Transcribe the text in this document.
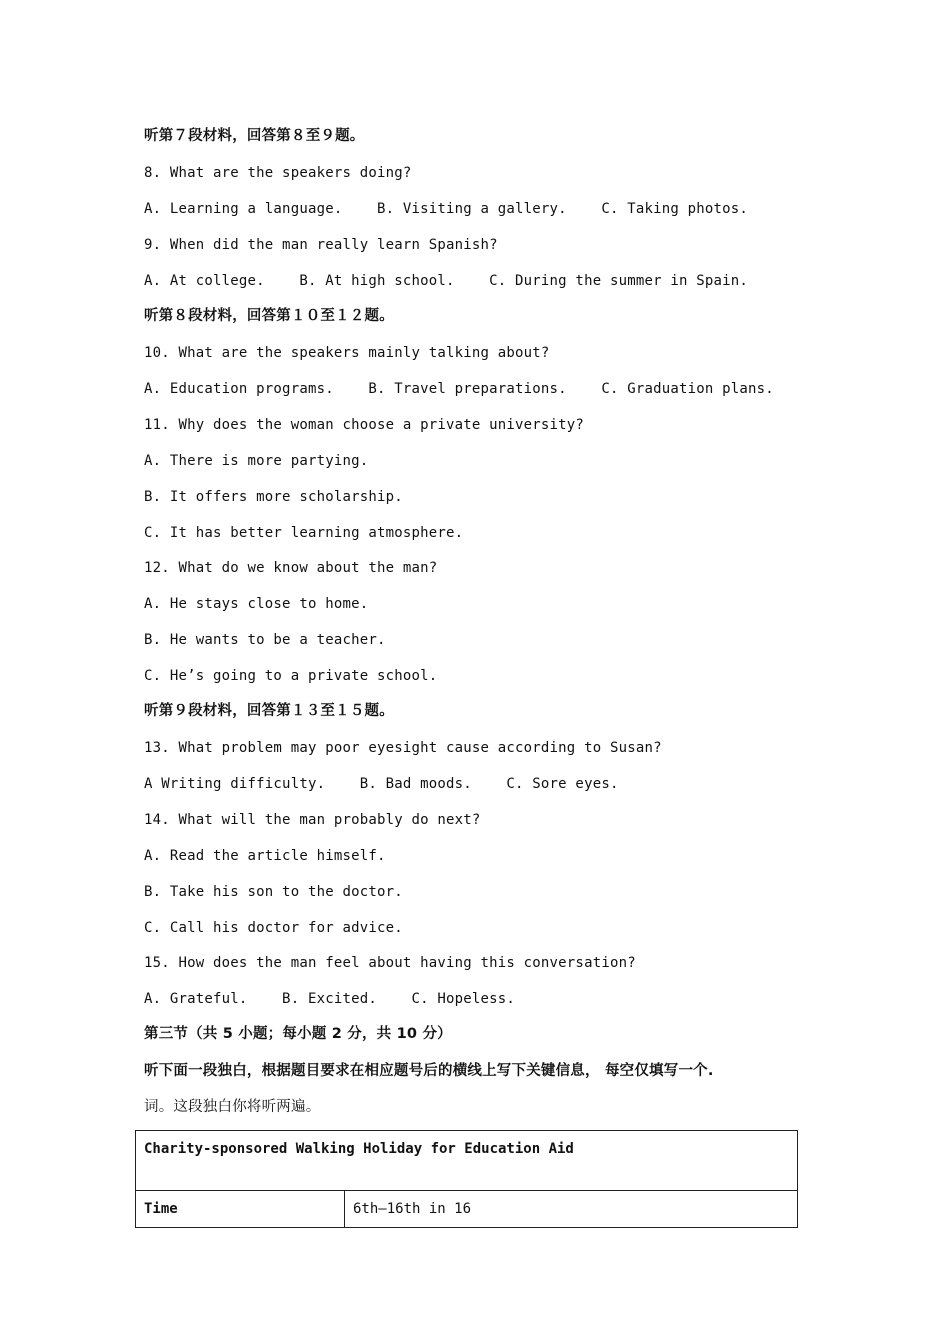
听第７段材料，回答第８至９题。
8. What are the speakers doing?
A. Learning a language.    B. Visiting a gallery.    C. Taking photos.
9. When did the man really learn Spanish?
A. At college.    B. At high school.    C. During the summer in Spain.
听第８段材料，回答第１０至１２题。
10. What are the speakers mainly talking about?
A. Education programs.    B. Travel preparations.    C. Graduation plans.
11. Why does the woman choose a private university?
A. There is more partying.
B. It offers more scholarship.
C. It has better learning atmosphere.
12. What do we know about the man?
A. He stays close to home.
B. He wants to be a teacher.
C. He’s going to a private school.
听第９段材料，回答第１３至１５题。
13. What problem may poor eyesight cause according to Susan?
A Writing difficulty.    B. Bad moods.    C. Sore eyes.
14. What will the man probably do next?
A. Read the article himself.
B. Take his son to the doctor.
C. Call his doctor for advice.
15. How does the man feel about having this conversation?
A. Grateful.    B. Excited.    C. Hopeless.
第三节（共 5 小题；每小题 2 分，共 10 分）
听下面一段独白，根据题目要求在相应题号后的横线上写下关键信息， 每空仅填写一个.
词。这段独白你将听两遍。
Charity-sponsored Walking Holiday for Education Aid
Time	6th—16th in 16
